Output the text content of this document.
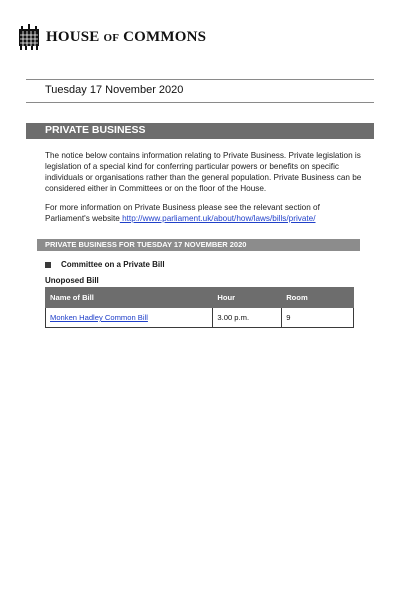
HOUSE OF COMMONS
Tuesday 17 November 2020
PRIVATE BUSINESS
The notice below contains information relating to Private Business. Private legislation is legislation of a special kind for conferring particular powers or benefits on specific individuals or organisations rather than the general population. Private Business can be considered either in Committees or on the floor of the House.
For more information on Private Business please see the relevant section of Parliament's website http://www.parliament.uk/about/how/laws/bills/private/
PRIVATE BUSINESS FOR TUESDAY 17 NOVEMBER 2020
Committee on a Private Bill
Unoposed Bill
Name of Bill	Hour	Room
Monken Hadley Common Bill	3.00 p.m.	9
